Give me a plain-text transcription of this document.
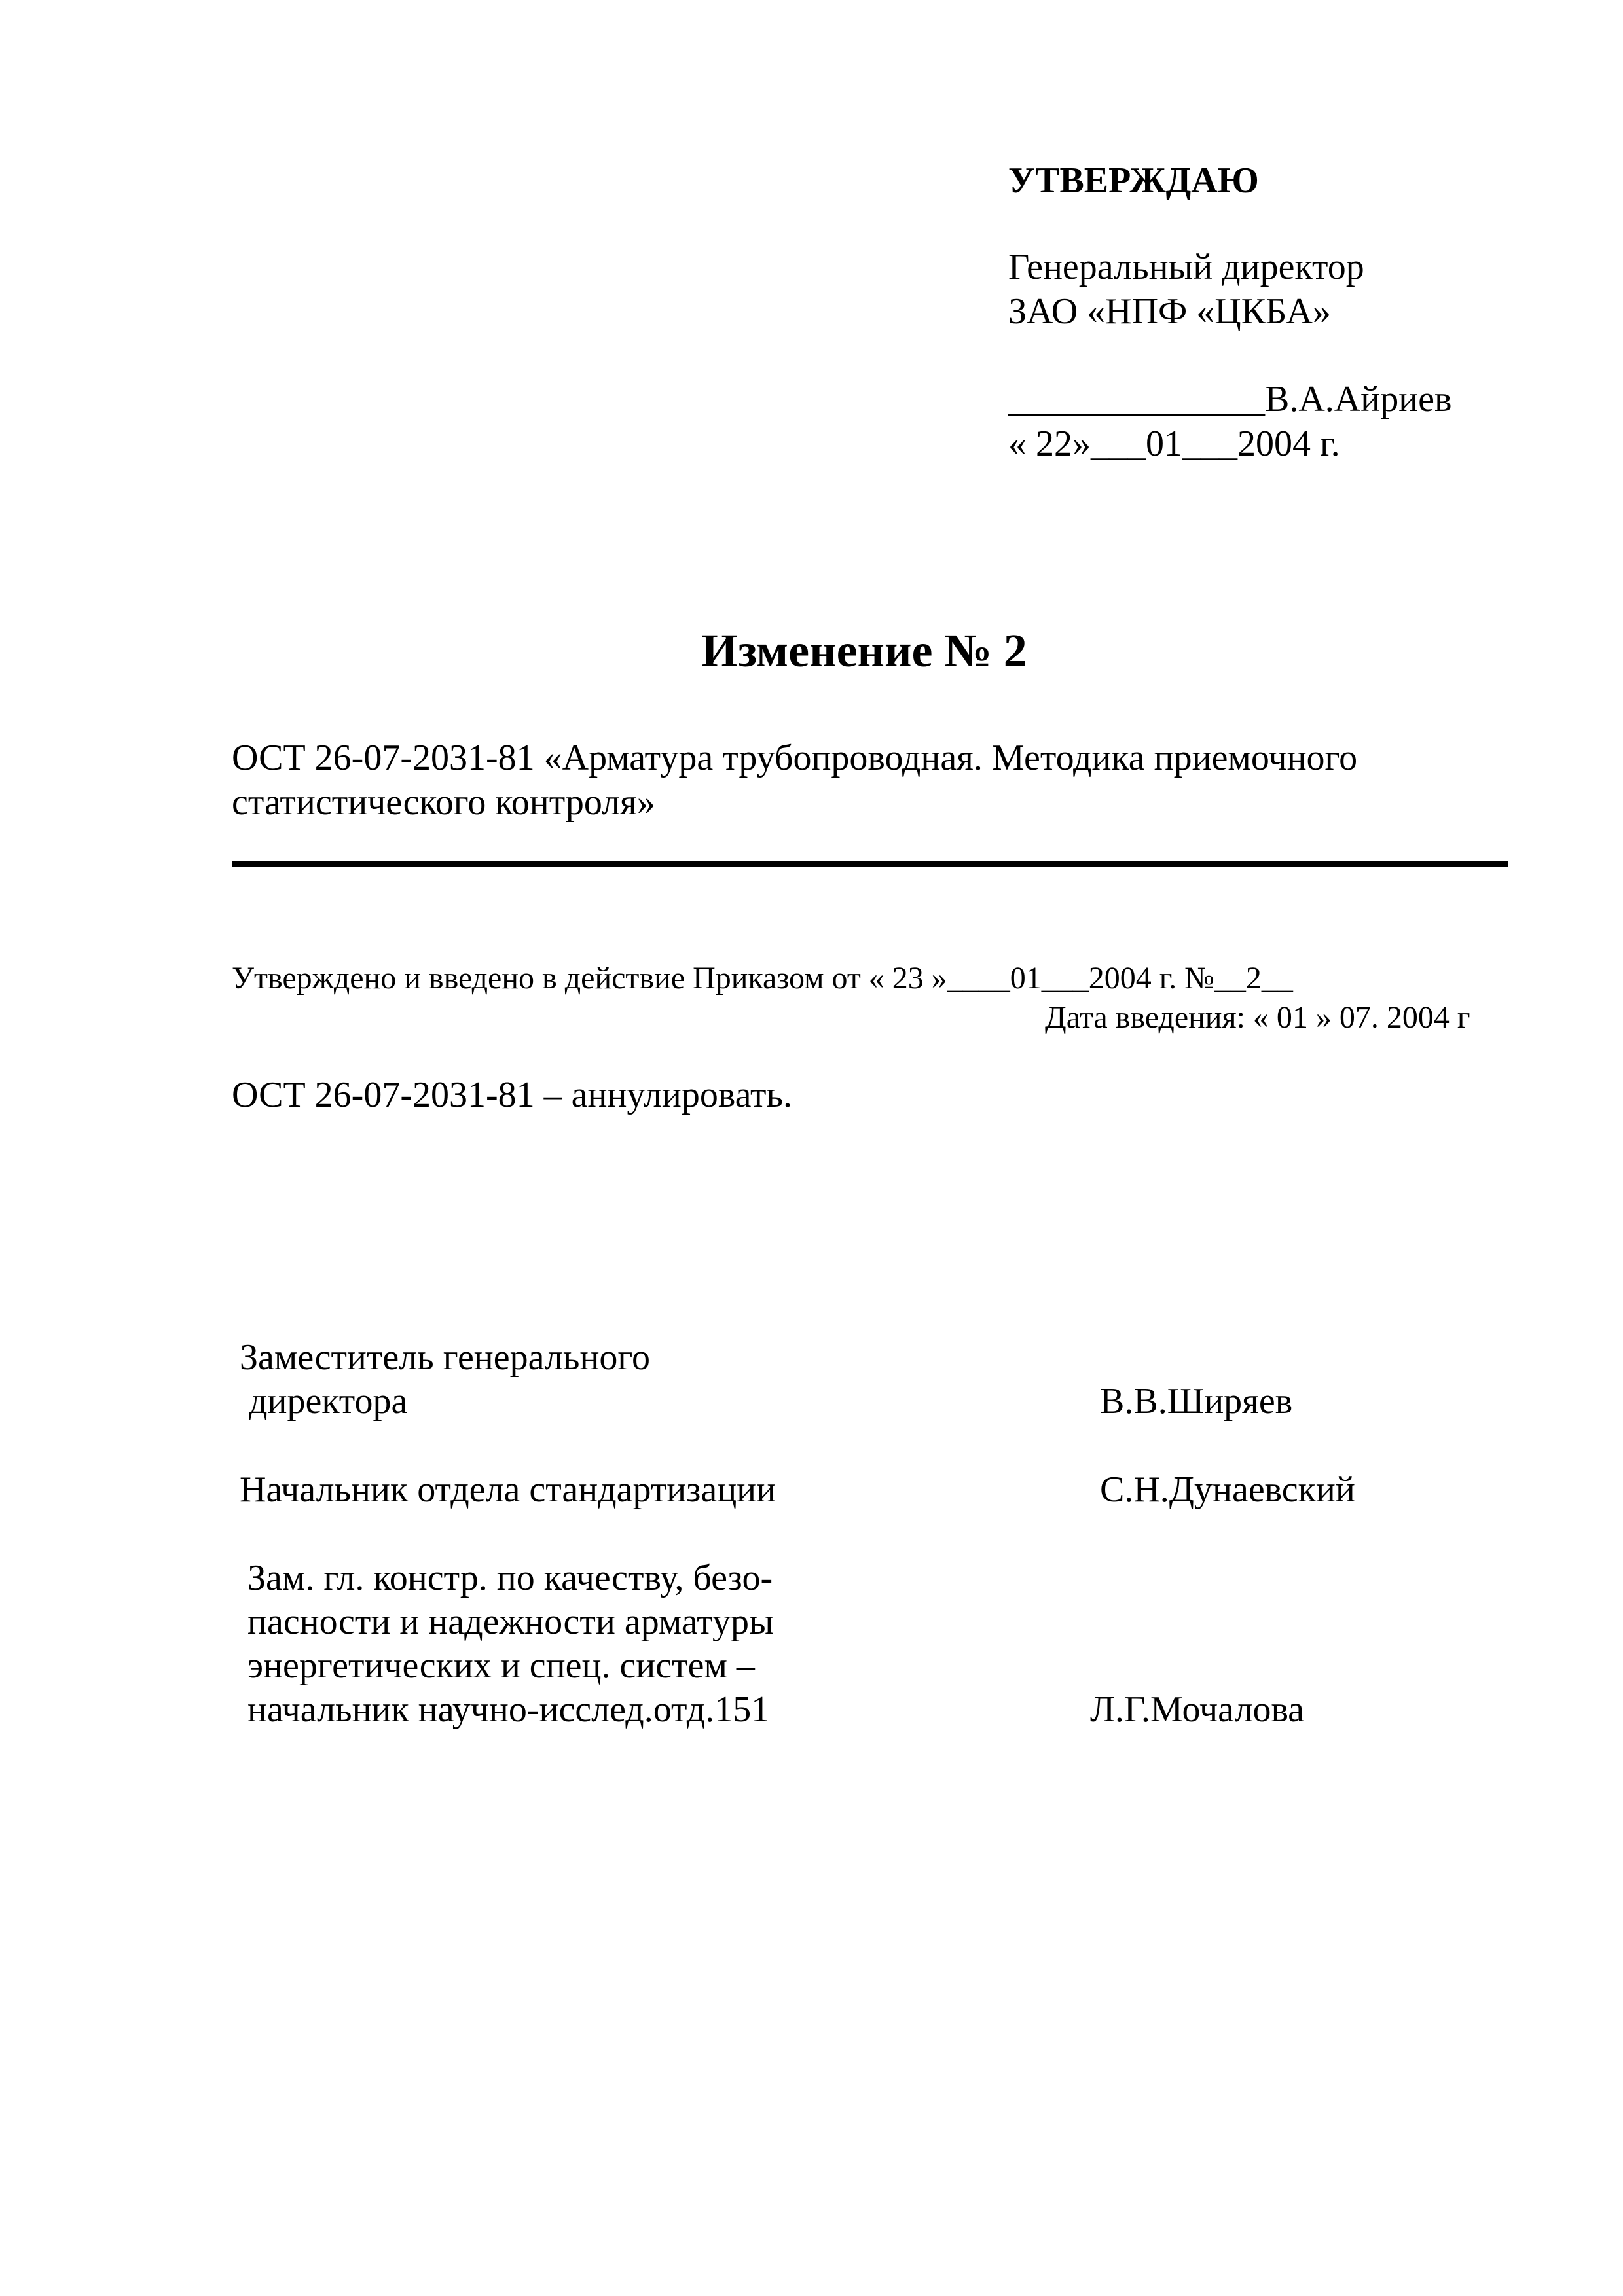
УТВЕРЖДАЮ
Генеральный директор
ЗАО «НПФ «ЦКБА»
______________В.А.Айриев
« 22»___01___2004 г.
Изменение № 2
ОСТ 26-07-2031-81 «Арматура трубопроводная. Методика приемочного
статистического контроля»
Утверждено и введено в действие Приказом от « 23 »____01___2004 г. №__2__
Дата введения: « 01 » 07. 2004 г
ОСТ 26-07-2031-81 – аннулировать.
Заместитель генерального
директора	В.В.Ширяев
Начальник отдела стандартизации	С.Н.Дунаевский
Зам. гл. констр. по качеству, безо-
пасности и надежности арматуры
энергетических и спец. систем –
начальник научно-исслед.отд.151	Л.Г.Мочалова
